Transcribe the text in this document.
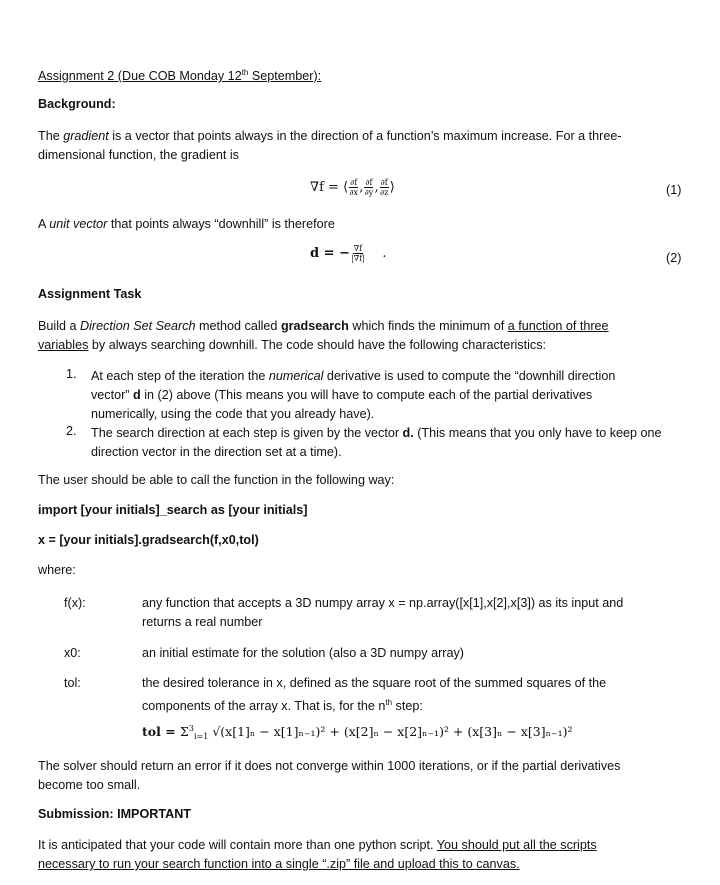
Assignment 2 (Due COB Monday 12th September):
Background:
The gradient is a vector that points always in the direction of a function’s maximum increase. For a three-
dimensional function, the gradient is
∇f = ⟨ $\frac{\partial f}{\partial x}$ , $\frac{\partial f}{\partial y}$ , $\frac{\partial f}{\partial z}$ ⟩	(1)
A unit vector that points always “downhill” is therefore
d = − $\frac{\nabla f}{|\nabla f|}$ .	(2)
Assignment Task
Build a Direction Set Search method called gradsearch which finds the minimum of a function of three
variables by always searching downhill. The code should have the following characteristics:
1. At each step of the iteration the numerical derivative is used to compute the “downhill direction
vector” d in (2) above (This means you will have to compute each of the partial derivatives
numerically, using the code that you already have).
2. The search direction at each step is given by the vector d. (This means that you only have to keep one
direction vector in the direction set at a time).
The user should be able to call the function in the following way:
import [your initials]_search as [your initials]
x = [your initials].gradsearch(f,x0,tol)
where:
f(x):	any function that accepts a 3D numpy array x = np.array([x[1],x[2],x[3]) as its input and
returns a real number
x0:	an initial estimate for the solution (also a 3D numpy array)
tol:	the desired tolerance in x, defined as the square root of the summed squares of the
components of the array x. That is, for the $n^{th}$ step:
tol = $\Sigma^3_{i=1}$ √(x[1]ₙ − x[1]ₙ₋₁)² + (x[2]ₙ − x[2]ₙ₋₁)² + (x[3]ₙ − x[3]ₙ₋₁)²
The solver should return an error if it does not converge within 1000 iterations, or if the partial derivatives
become too small.
Submission: IMPORTANT
It is anticipated that your code will contain more than one python script. You should put all the scripts
necessary to run your search function into a single “.zip” file and upload this to canvas.
